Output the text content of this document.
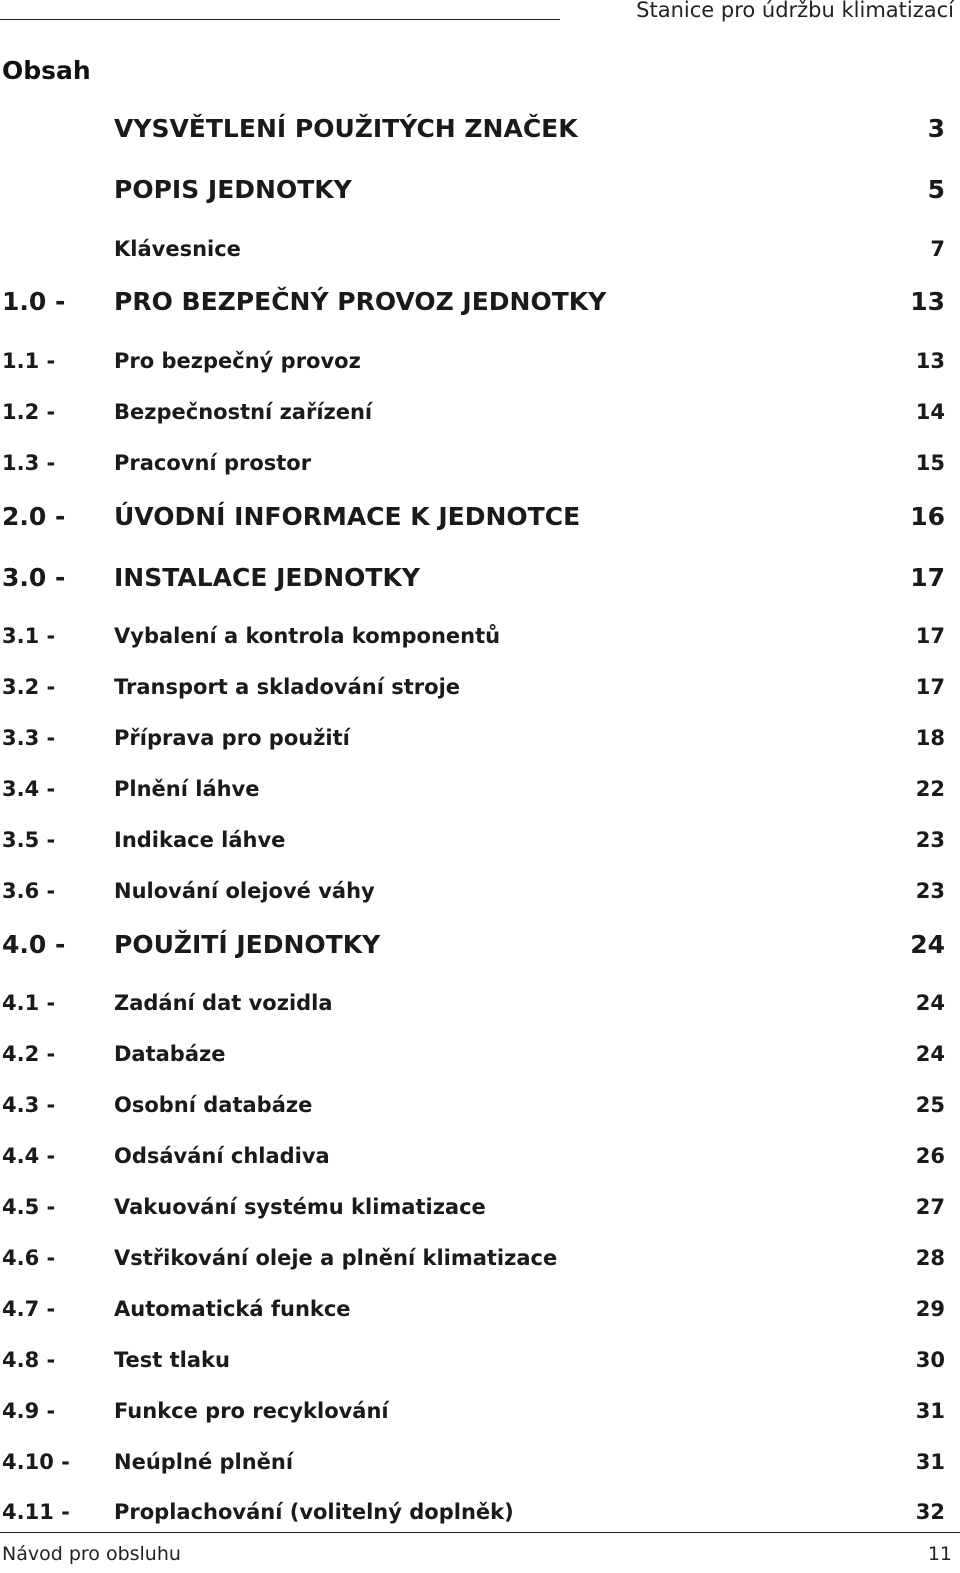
Stanice pro údržbu klimatizací
Obsah
VYSVĚTLENÍ POUŽITÝCH ZNAČEK	3
POPIS JEDNOTKY	5
Klávesnice	7
1.0 - PRO BEZPEČNÝ PROVOZ JEDNOTKY	13
1.1 -	Pro bezpečný provoz	13
1.2 -	Bezpečnostní zařízení	14
1.3 -	Pracovní prostor	15
2.0 - ÚVODNÍ INFORMACE K JEDNOTCE	16
3.0 - INSTALACE JEDNOTKY	17
3.1 -	Vybalení a kontrola komponentů	17
3.2 -	Transport a skladování stroje	17
3.3 -	Příprava pro použití	18
3.4 -	Plnění láhve	22
3.5 -	Indikace láhve	23
3.6 -	Nulování olejové váhy	23
4.0 - POUŽITÍ JEDNOTKY	24
4.1 -	Zadání dat vozidla	24
4.2 -	Databáze	24
4.3 -	Osobní databáze	25
4.4 -	Odsávání chladiva	26
4.5 -	Vakuování systému klimatizace	27
4.6 -	Vstřikování oleje a plnění klimatizace	28
4.7 -	Automatická funkce	29
4.8 -	Test tlaku	30
4.9 -	Funkce pro recyklování	31
4.10 - Neúplné plnění	31
4.11 - Proplachování (volitelný doplněk)	32
Návod pro obsluhu	11
